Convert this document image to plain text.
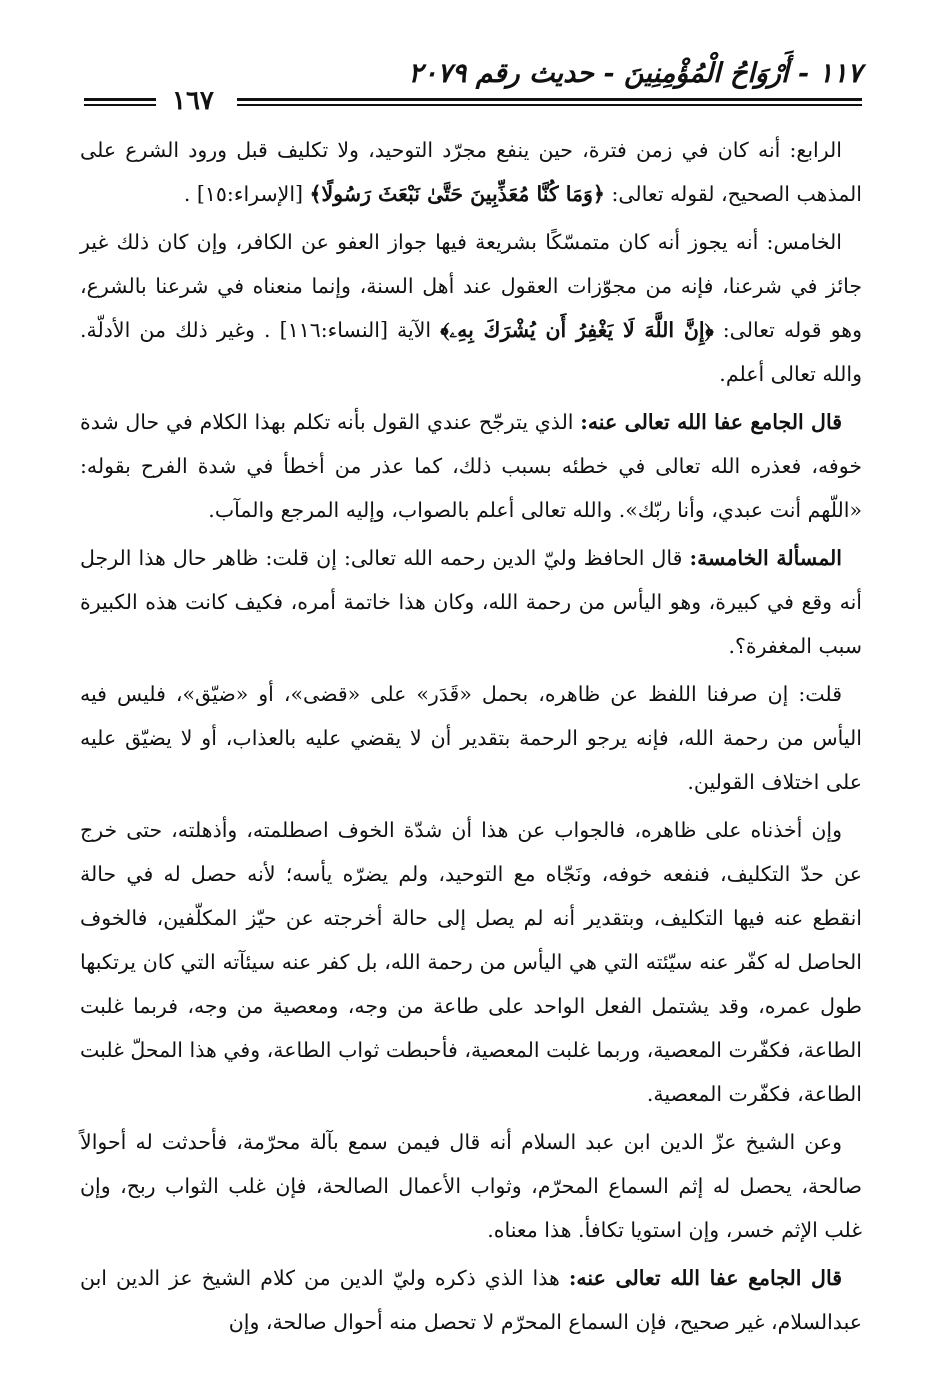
١١٧ - أَرْوَاحُ الْمُؤْمِنِينَ - حديث رقم ٢٠٧٩
١٦٧

الرابع: أنه كان في زمن فترة، حين ينفع مجرّد التوحيد، ولا تكليف قبل ورود الشرع على المذهب الصحيح، لقوله تعالى: ﴿وَمَا كُنَّا مُعَذِّبِينَ حَتَّىٰ نَبْعَثَ رَسُولًا﴾ [الإسراء:١٥] .

الخامس: أنه يجوز أنه كان متمسّكًا بشريعة فيها جواز العفو عن الكافر، وإن كان ذلك غير جائز في شرعنا، فإنه من مجوّزات العقول عند أهل السنة، وإنما منعناه في شرعنا بالشرع، وهو قوله تعالى: ﴿إِنَّ اللَّهَ لَا يَغْفِرُ أَن يُشْرَكَ بِهِۦ﴾ الآية [النساء:١١٦] . وغير ذلك من الأدلّة. والله تعالى أعلم.

قال الجامع عفا الله تعالى عنه: الذي يترجّح عندي القول بأنه تكلم بهذا الكلام في حال شدة خوفه، فعذره الله تعالى في خطئه بسبب ذلك، كما عذر من أخطأ في شدة الفرح بقوله: «اللّهم أنت عبدي، وأنا ربّك». والله تعالى أعلم بالصواب، وإليه المرجع والمآب.

المسألة الخامسة: قال الحافظ وليّ الدين رحمه الله تعالى: إن قلت: ظاهر حال هذا الرجل أنه وقع في كبيرة، وهو اليأس من رحمة الله، وكان هذا خاتمة أمره، فكيف كانت هذه الكبيرة سبب المغفرة؟.

قلت: إن صرفنا اللفظ عن ظاهره، بحمل «قَدَر» على «قضى»، أو «ضيّق»، فليس فيه اليأس من رحمة الله، فإنه يرجو الرحمة بتقدير أن لا يقضي عليه بالعذاب، أو لا يضيّق عليه على اختلاف القولين.

وإن أخذناه على ظاهره، فالجواب عن هذا أن شدّة الخوف اصطلمته، وأذهلته، حتى خرج عن حدّ التكليف، فنفعه خوفه، ونَجّاه مع التوحيد، ولم يضرّه يأسه؛ لأنه حصل له في حالة انقطع عنه فيها التكليف، وبتقدير أنه لم يصل إلى حالة أخرجته عن حيّز المكلّفين، فالخوف الحاصل له كفّر عنه سيّئته التي هي اليأس من رحمة الله، بل كفر عنه سيئآته التي كان يرتكبها طول عمره، وقد يشتمل الفعل الواحد على طاعة من وجه، ومعصية من وجه، فربما غلبت الطاعة، فكفّرت المعصية، وربما غلبت المعصية، فأحبطت ثواب الطاعة، وفي هذا المحلّ غلبت الطاعة، فكفّرت المعصية.

وعن الشيخ عزّ الدين ابن عبد السلام أنه قال فيمن سمع بآلة محرّمة، فأحدثت له أحوالاً صالحة، يحصل له إثم السماع المحرّم، وثواب الأعمال الصالحة، فإن غلب الثواب ربح، وإن غلب الإثم خسر، وإن استويا تكافأ. هذا معناه.

قال الجامع عفا الله تعالى عنه: هذا الذي ذكره وليّ الدين من كلام الشيخ عز الدين ابن عبدالسلام، غير صحيح، فإن السماع المحرّم لا تحصل منه أحوال صالحة، وإن
